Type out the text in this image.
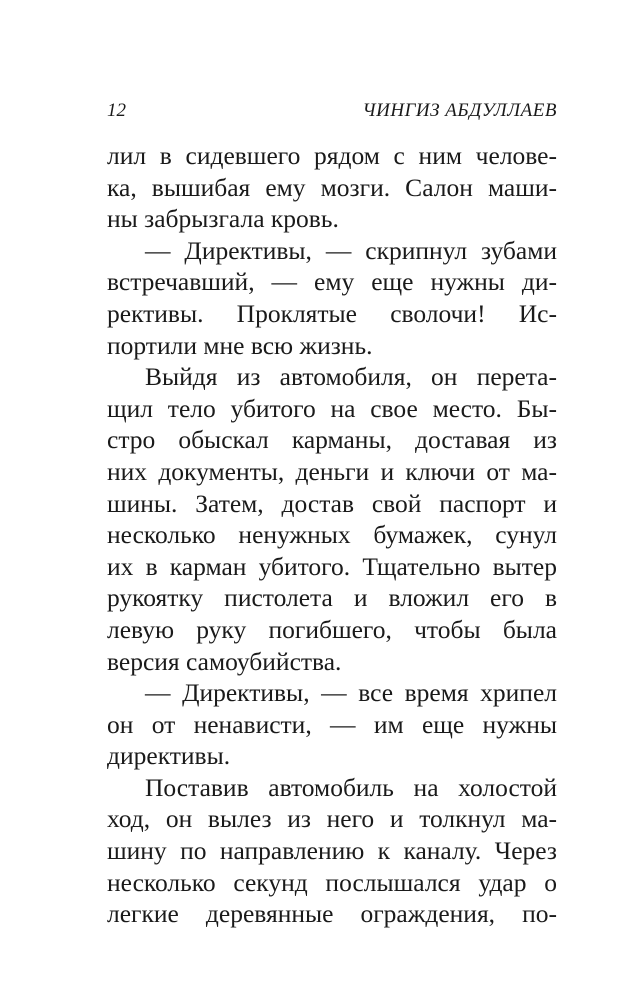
12	ЧИНГИЗ АБДУЛЛАЕВ
лил в сидевшего рядом с ним челове-
ка, вышибая ему мозги. Салон маши-
ны забрызгала кровь.
— Директивы, — скрипнул зубами
встречавший, — ему еще нужны ди-
рективы. Проклятые сволочи! Ис-
портили мне всю жизнь.
Выйдя из автомобиля, он перета-
щил тело убитого на свое место. Бы-
стро обыскал карманы, доставая из
них документы, деньги и ключи от ма-
шины. Затем, достав свой паспорт и
несколько ненужных бумажек, сунул
их в карман убитого. Тщательно вытер
рукоятку пистолета и вложил его в
левую руку погибшего, чтобы была
версия самоубийства.
— Директивы, — все время хрипел
он от ненависти, — им еще нужны
директивы.
Поставив автомобиль на холостой
ход, он вылез из него и толкнул ма-
шину по направлению к каналу. Через
несколько секунд послышался удар о
легкие деревянные ограждения, по-
